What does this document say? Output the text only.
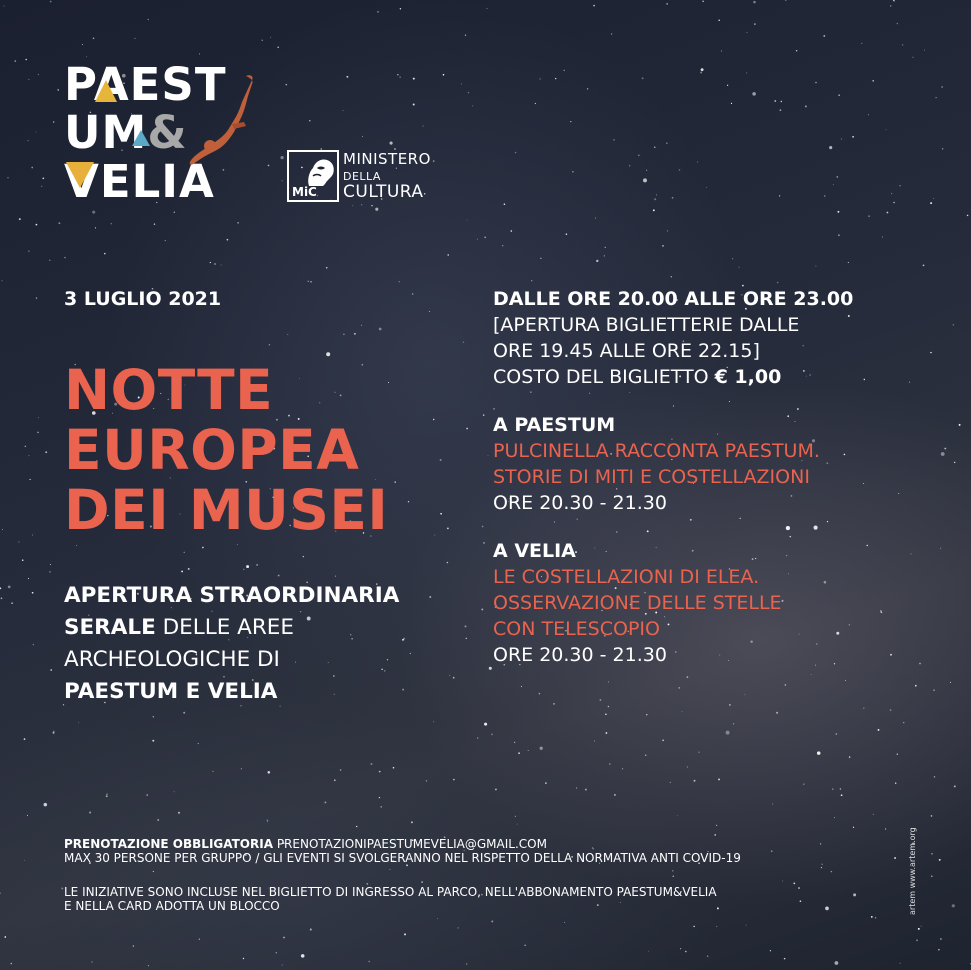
PAEST
UM&
VELIA	MiC
MINISTERO
DELLA
CULTURA
3 LUGLIO 2021
NOTTE
EUROPEA
DEI MUSEI
APERTURA STRAORDINARIA
SERALE DELLE AREE
ARCHEOLOGICHE DI
PAESTUM E VELIA
DALLE ORE 20.00 ALLE ORE 23.00
[APERTURA BIGLIETTERIE DALLE
ORE 19.45 ALLE ORE 22.15]
COSTO DEL BIGLIETTO € 1,00
A PAESTUM
PULCINELLA RACCONTA PAESTUM.
STORIE DI MITI E COSTELLAZIONI
ORE 20.30 - 21.30
A VELIA
LE COSTELLAZIONI DI ELEA.
OSSERVAZIONE DELLE STELLE
CON TELESCOPIO
ORE 20.30 - 21.30
PRENOTAZIONE OBBLIGATORIA PRENOTAZIONIPAESTUMEVELIA@GMAIL.COM
MAX 30 PERSONE PER GRUPPO / GLI EVENTI SI SVOLGERANNO NEL RISPETTO DELLA NORMATIVA ANTI COVID-19
LE INIZIATIVE SONO INCLUSE NEL BIGLIETTO DI INGRESSO AL PARCO, NELL'ABBONAMENTO PAESTUM&VELIA
E NELLA CARD ADOTTA UN BLOCCO	artem www.artem.org
